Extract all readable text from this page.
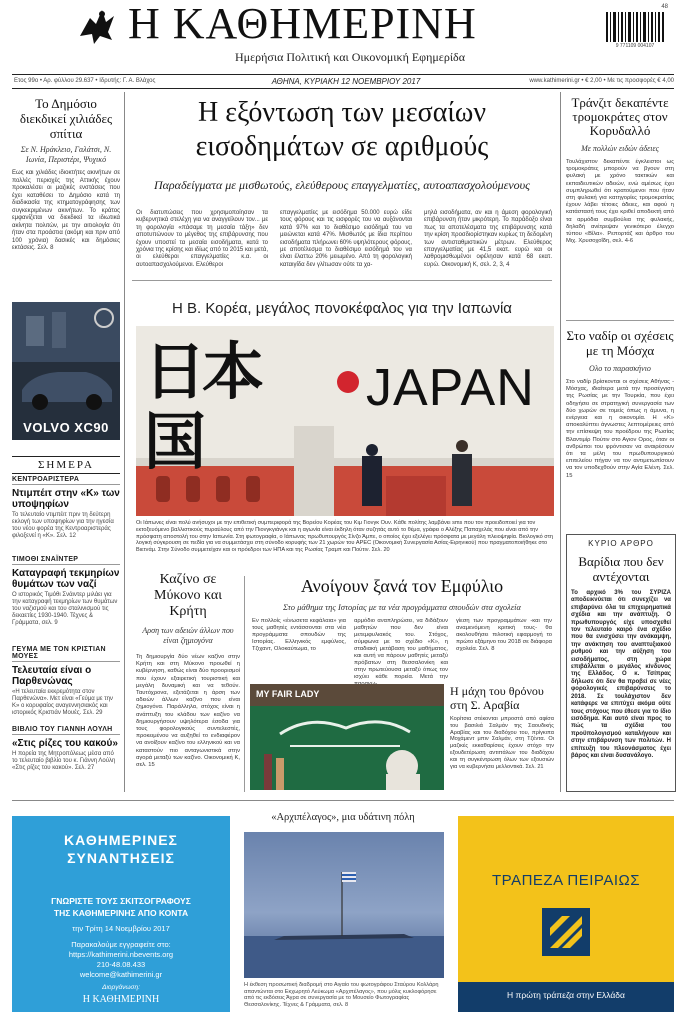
Η ΚΑΘΗΜΕΡΙΝΗ
Ημερήσια Πολιτική και Οικονομική Εφημερίδα
48
9 771109 004107
Ετος 99ο • Αρ. φύλλου 29.637 • Ιδρυτής: Γ. Α. Βλάχος	ΑΘΗΝΑ, ΚΥΡΙΑΚΗ 12 ΝΟΕΜΒΡΙΟΥ 2017	www.kathimerini.gr • € 2,00 • Με τις προσφορές € 4,00
Το Δημόσιο διεκδικεί χιλιάδες σπίτια
Σε Ν. Ηράκλειο, Γαλάτσι, Ν. Ιωνία, Περιστέρι, Ψυχικό
Εως και χιλιάδες ιδιοκτήτες ακινήτων σε πολλές περιοχές της Αττικής έχουν προκαλέσει οι μαζικές ενστάσεις που έχει καταθέσει το Δημόσιο κατά τη διαδικασία της κτηματογράφησης των συγκεκριμένων ακινήτων. Το κράτος εμφανίζεται να διεκδικεί τα ιδιωτικά ακίνητα πολιτών, με την αιτιολογία ότι ήταν στα προάστια (ακόμη και πριν από 100 χρόνια) δασικές και δημόσιες εκτάσεις. Σελ. 8
VOLVO XC90
ΣΗΜΕΡΑ
ΚΕΝΤΡΟΑΡΙΣΤΕΡΑ
Ντιμπέιτ στην «Κ» των υποψηφίων
Το τελευταίο ντιμπέιτ πριν τη δεύτερη εκλογή των υποψηφίων για την ηγεσία του νέου φορέα της Κεντροαριστεράς φιλοξενεί η «Κ». Σελ. 12
ΤΙΜΟΘΙ ΣΝΑΪΝΤΕΡ
Καταγραφή τεκμηρίων θυμάτων των ναζί
Ο ιστορικός Τιμόθι Σνάιντερ μιλάει για την καταγραφή τεκμηρίων των θυμάτων του ναζισμού και του σταλινισμού τις δεκαετίες 1930-1940. Τέχνες & Γράμματα, σελ. 9
ΓΕΥΜΑ ΜΕ ΤΟΝ ΚΡΙΣΤΙΑΝ ΜΟΥΕΣ
Τελευταία είναι ο Παρθενώνας
«Η τελευταία εκκρεμότητα στον Παρθενώνα». Μετ είναι «Γεύμα με την Κ» ο κορυφαίος αναγεννησιακός και ιστορικός Κριστιάν Μουές. Σελ. 29
ΒΙΒΛΙΟ ΤΟΥ ΓΙΑΝΝΗ ΛΟΥΛΗ
«Στις ρίζες του κακού»
Η πορεία της Μητροπόλεως μέσα από το τελευταίο βιβλίο του κ. Γιάννη Λούλη «Στις ρίζες του κακού». Σελ. 27
Η εξόντωση των μεσαίων εισοδημάτων σε αριθμούς
Παραδείγματα με μισθωτούς, ελεύθερους επαγγελματίες, αυτοαπασχολούμενους
Οι διατυπώσεις που χρησιμοποίησαν τα κυβερνητικά στελέχη για να αναγγείλουν τον... με τη φορολογία «πάσαμε τη μεσαία τάξη» δεν αποτυπώνουν το μέγεθος της επιβάρυνσης που έχουν υποστεί τα μεσαία εισοδήματα, κατά το χρόνια της κρίσης και ιδίως από το 2015 και μετά, οι ελεύθεροι επαγγελματίες κ.α. οι αυτοαπασχολούμενοι. Ελεύθεροι
επαγγελματίες με εισόδημα 50.000 ευρώ είδε τους φόρους και τις εισφορές του να αυξάνονται κατά 97% και το διαθέσιμο εισόδημά του να μειώνεται κατά 47%. Μισθωτός με ίδια περίπου εισοδήματα πλήρωνει 60% υψηλότερους φόρους, με αποτέλεσμα το διαθέσιμο εισόδημά του να είναι έλαττω 20% μειωμένο. Από τη φορολογική καταιγίδα δεν γλίτωσαν ούτε τα χα-
μηλά εισοδήματα, αν και η άμεση φορολογική επιβάρυνση ήταν μικρότερη. Το παράδοξο είναι πως τα αποτελέσματα της επιβάρυνσης κατά την κρίση προσδιορίστηκαν κυρίως τη δεδομένη των αντισταθμιστικών μέτρων. Ελεύθερος επαγγελματίας με 41,5 εκατ. ευρώ και οι λαθρομισθωμένοι οφέλησαν κατά 68 εκατ. ευρώ. Οικονομική Κ, σελ. 2, 3, 4
Η Β. Κορέα, μεγάλος πονοκέφαλος για την Ιαπωνία
日本国
JAPAN
Οι Ιάπωνες είναι πολύ ανήσυχοι με την επιθετική συμπεριφορά της Βορείου Κορέας του Κιμ Γιονγκ Ουν. Κάθε πολίτης λαμβάνει sms που τον προειδοποιεί για τον εκτοξευόμενο βαλλιστικούς πυραύλους από την Πιονγκγιάνγκ και η αγωνία είναι έκδηλη όταν συζητάς αυτό το θέμα, γράφει ο Αλέξης Παπαχελάς που είναι από την πρόσφατη αποστολή του στην Ιαπωνία. Στη φωτογραφία, ο Ιάπωνας πρωθυπουργός Σίνζο Άμπε, ο οποίος έχει εξελέγει πρόσφατα με μεγάλη πλειοψηφία. Βιολογικό στη λογική σύγκρουση σε πεδία για να συμμετάσχει στη σύνοδο κορυφής των 21 χωρών του APEC (Οικονομική Συνεργασία Ασίας-Ειρηνικού) που πραγματοποιήθηκε στο Βιετνάμ. Στην Σύνοδο συμμετείχαν και οι πρόεδροι των ΗΠΑ και της Ρωσίας Τραμπ και Πούτιν. Σελ. 20
Καζίνο σε Μύκονο και Κρήτη
Αρση των αδειών άλλων που είναι ζημιογόνα
Τη δημιουργία δύο νέων καζίνο στην Κρήτη και στη Μύκονο προωθεί η κυβέρνηση, καθώς είναι δύο προορισμοί που έχουν εξαιρετική τουριστική και μεγάλη δυναμική και να τεθούν. Ταυτόχρονα, εξετάζεται η άρση των αδειών άλλων καζίνο που είναι ζημιογόνα. Παράλληλα, στόχος είναι η ανάπτυξη του κλάδου των καζίνο να δημιουργήσουν υψηλότερα έσοδα για τους φορολογικούς συντελεστές, προκειμένου να αυξηθεί το ενδιαφέρον να ανοίξουν καζίνο του ελληνικού και να καταστούν πιο ανταγωνιστικά στην αγορά μεταξύ των καζίνο. Οικονομική Κ, σελ. 15
Ανοίγουν ξανά τον Εμφύλιο
Στο μάθημα της Ιστορίας με τα νέα προγράμματα σπουδών στα σχολεία
Εν πολλοίς «ένωσετα κεφάλαια» για τους μαθητές εντάσσονται στα νέα προγράμματα σπουδών της Ιστορίας. Ελληνικός εμφύλιος, Τζιχαντ, Ολοκαύτωμα, το
αρμόδιο αναπληρώσει, να διδάξουν μαθητών που δεν είναι μετεμφυλιακός του. Στόχος, σύμφωνα με το σχέδιο «Κ», η σταδιακή μετάβαση του μαθήματος, και αυτή να πάρουν μαθητές μεταξύ πρόβατων στη θεσσαλονίκη και στην πρωτεύουσα μεταξύ όπως τον ισχύει κάθε πορεία. Μετά την
γίεση των προγραμμάτων -και την αναμενόμενη κριτική τους- θα ακολουθήσει πιλοτική εφαρμογή το πρώτο εξάμηνο του 2018 σε διάφορα σχολεία. Σελ. 8
MY FAIR LADY	Η μάχη του θρόνου στη Σ. Αραβία
Κορίτσια στέκονται μπροστά από αφίσα του βασιλιά Σαλμάν της Σαουδικής Αραβίας και του διαδόχου του, πρίγκιπα Μοχάμεντ μπιν Σαλμάν, στη Τζέντα. Οι μαζικές εκκαθαρίσεις έχουν στόχο την εξουδετέρωση αντιπάλων του διαδόχου και τη συγκέντρωση όλων των εξουσιών για να κυβερνήσει μελλοντικά. Σελ. 21
Τράνζιτ δεκαπέντε τρομοκράτες στον Κορυδαλλό
Με πολλών ειδών άδειες
Τουλάχιστον δεκαπέντε έγκλειστοι ως τρομοκράτες μπορούν να βγουν στη φυλακή με χρόνο τακτικών και εκπαιδευτικών αδειών, ενώ αμέσως έχει συμπληρωθεί ότι κρατούμενοι που ήταν στη φυλακή για κατηγορίες τρομοκρατίας έχουν λάβει τέτοιες άδειες, και αφού η κατάστασή τους έχει κριθεί αποδεκτή από τα αρμόδια συμβούλια της φυλακής, δηλαδή ανέτρεψαν γενικότερο έλεγχο τύπου «Βίλα». Ρεπορτάζ και άρθρο του Μιχ. Χρυσοχοΐδη, σελ. 4-6
Στο ναδίρ οι σχέσεις με τη Μόσχα
Ολο το παρασκήνιο
Στο ναδίρ βρίσκονται οι σχέσεις Αθήνας - Μόσχας, ιδιαίτερα μετά την προσέγγιση της Ρωσίας με την Τουρκία, που έχει οδηγήσει σε στρατηγική συνεργασία των δύο χωρών σε τομείς όπως η άμυνα, η ενέργεια και η οικονομία. Η «Κ» αποκαλύπτει άγνωστες λεπτομέρειες από την επίσκεψη του προέδρου της Ρωσίας Βλαντιμίρ Πούτιν στο Αγιον Ορος, όταν οι ανθρώποι του φρόντισαν να αναιρέσουν ότι τα μέλη του πρωθυπουργικού επιτελείου πήγαν να τον αντιμετωπίσουν να τον υποδεχθούν στην Αγία Ελένη. Σελ. 15
ΚΥΡΙΟ ΑΡΘΡΟ
Βαρίδια που δεν αντέχονται
Το αρχικό 3% του ΣΥΡΙΖΑ αποδεικνύεται ότι συνεχίζει να επιβαρύνει όλα τα επιχειρηματικά σχέδια και την ανάπτυξη. Ο πρωθυπουργός είχε υποσχεθεί τον τελευταίο καιρό ένα σχέδιο που θα ενισχύσει την ανάκαμψη, την ανάκτηση του αναπτυξιακού ρυθμού και την αύξηση του εισοδήματος, στη χώρα επιβάλλεται ο μεγάλος κίνδυνος της Ελλάδος. Ο κ. Τσίπρας δήλωσε ότι δεν θα προβεί σε νέες φορολογικές επιβαρύνσεις το 2018. Σε τουλάχιστον δεν κατάφερε να επιτύχει ακόμα ούτε τους στόχους που έθεσε για το ίδιο εισόδημα. Και αυτό είναι προς το πώς τα σχέδια του προϋπολογισμού καταλήγουν και στην επιβάρυνση των πολιτών. Η επίτευξη του πλεονάσματος έχει βάρος και είναι δυσανάλογο.
ΚΑΘΗΜΕΡΙΝΕΣ
ΣΥΝΑΝΤΗΣΕΙΣ
ΓΝΩΡΙΣΤΕ ΤΟΥΣ ΣΚΙΤΣΟΓΡΑΦΟΥΣ
ΤΗΣ ΚΑΘΗΜΕΡΙΝΗΣ ΑΠΟ ΚΟΝΤΑ
την Τρίτη 14 Νοεμβρίου 2017
Παρακαλούμε εγγραφείτε στο:
https://kathimerini.nbevents.org
210-48.08.433
welcome@kathimerini.gr
Διοργάνωση:
Η ΚΑΘΗΜΕΡΙΝΗ
«Αρχιπέλαγος», μια υδάτινη πόλη
Η έκθεση προσωπική διαδρομή στο Αιγαίο του φωτογράφου Σταύρου Κολλάρη απαντώνται στο Εκχωρητό Λεύκωμα «Αρχιπέλαγος», που μόλις κυκλοφόρησε από τις εκδόσεις Άγρα σε συνεργασία με το Μουσείο Φωτογραφίας Θεσσαλονίκης. Τέχνες & Γράμματα, σελ. 8
ΤΡΑΠΕΖΑ ΠΕΙΡΑΙΩΣ
Η πρώτη τράπεζα στην Ελλάδα
